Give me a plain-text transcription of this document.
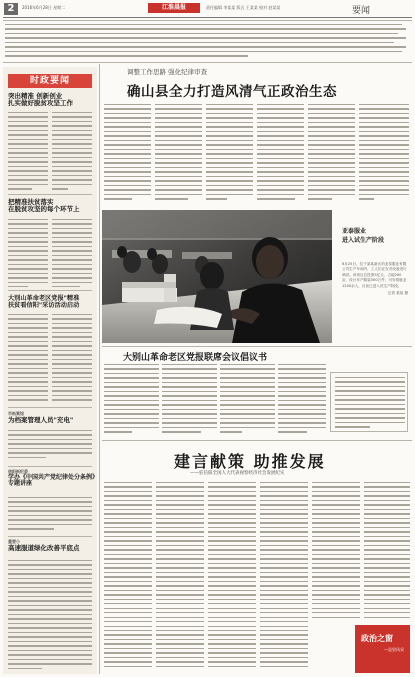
2	2016年6月28日 星期二	江淮晨报	责任编辑 李某某 版式 王某某 校对 赵某某	要闻
时政要闻
突出精准 创新创业
扎实做好脱贫攻坚工作
把精准扶贫落实
在脱贫攻坚的每个环节上
大别山革命老区党报"精准
扶贫看信阳"采访活动启动
市纸案馆
为档案管理人员"充电"
信阳纸纪委
学办《中国共产党纪律处分条例》
专题讲座
重要小
高速服道绿化改善平底点
调整工作思路 强化纪律审查
确山县全力打造风清气正政治生态
亚泰服业
进入试生产阶段
6月25日，位于某某新区的亚泰服业有限公司生产车间内，工人们正在对设备进行调试。该项目总投资5亿元，占地200亩，设计年产服装500万件，可安排就业1200余人，目前已进入试生产阶段。
记者 某某 摄
大别山革命老区党报联席会议倡议书
建言献策 助推发展
——驻信阳全国人大代表视察经济社会发展纪实
政治之窗
—县里风采
